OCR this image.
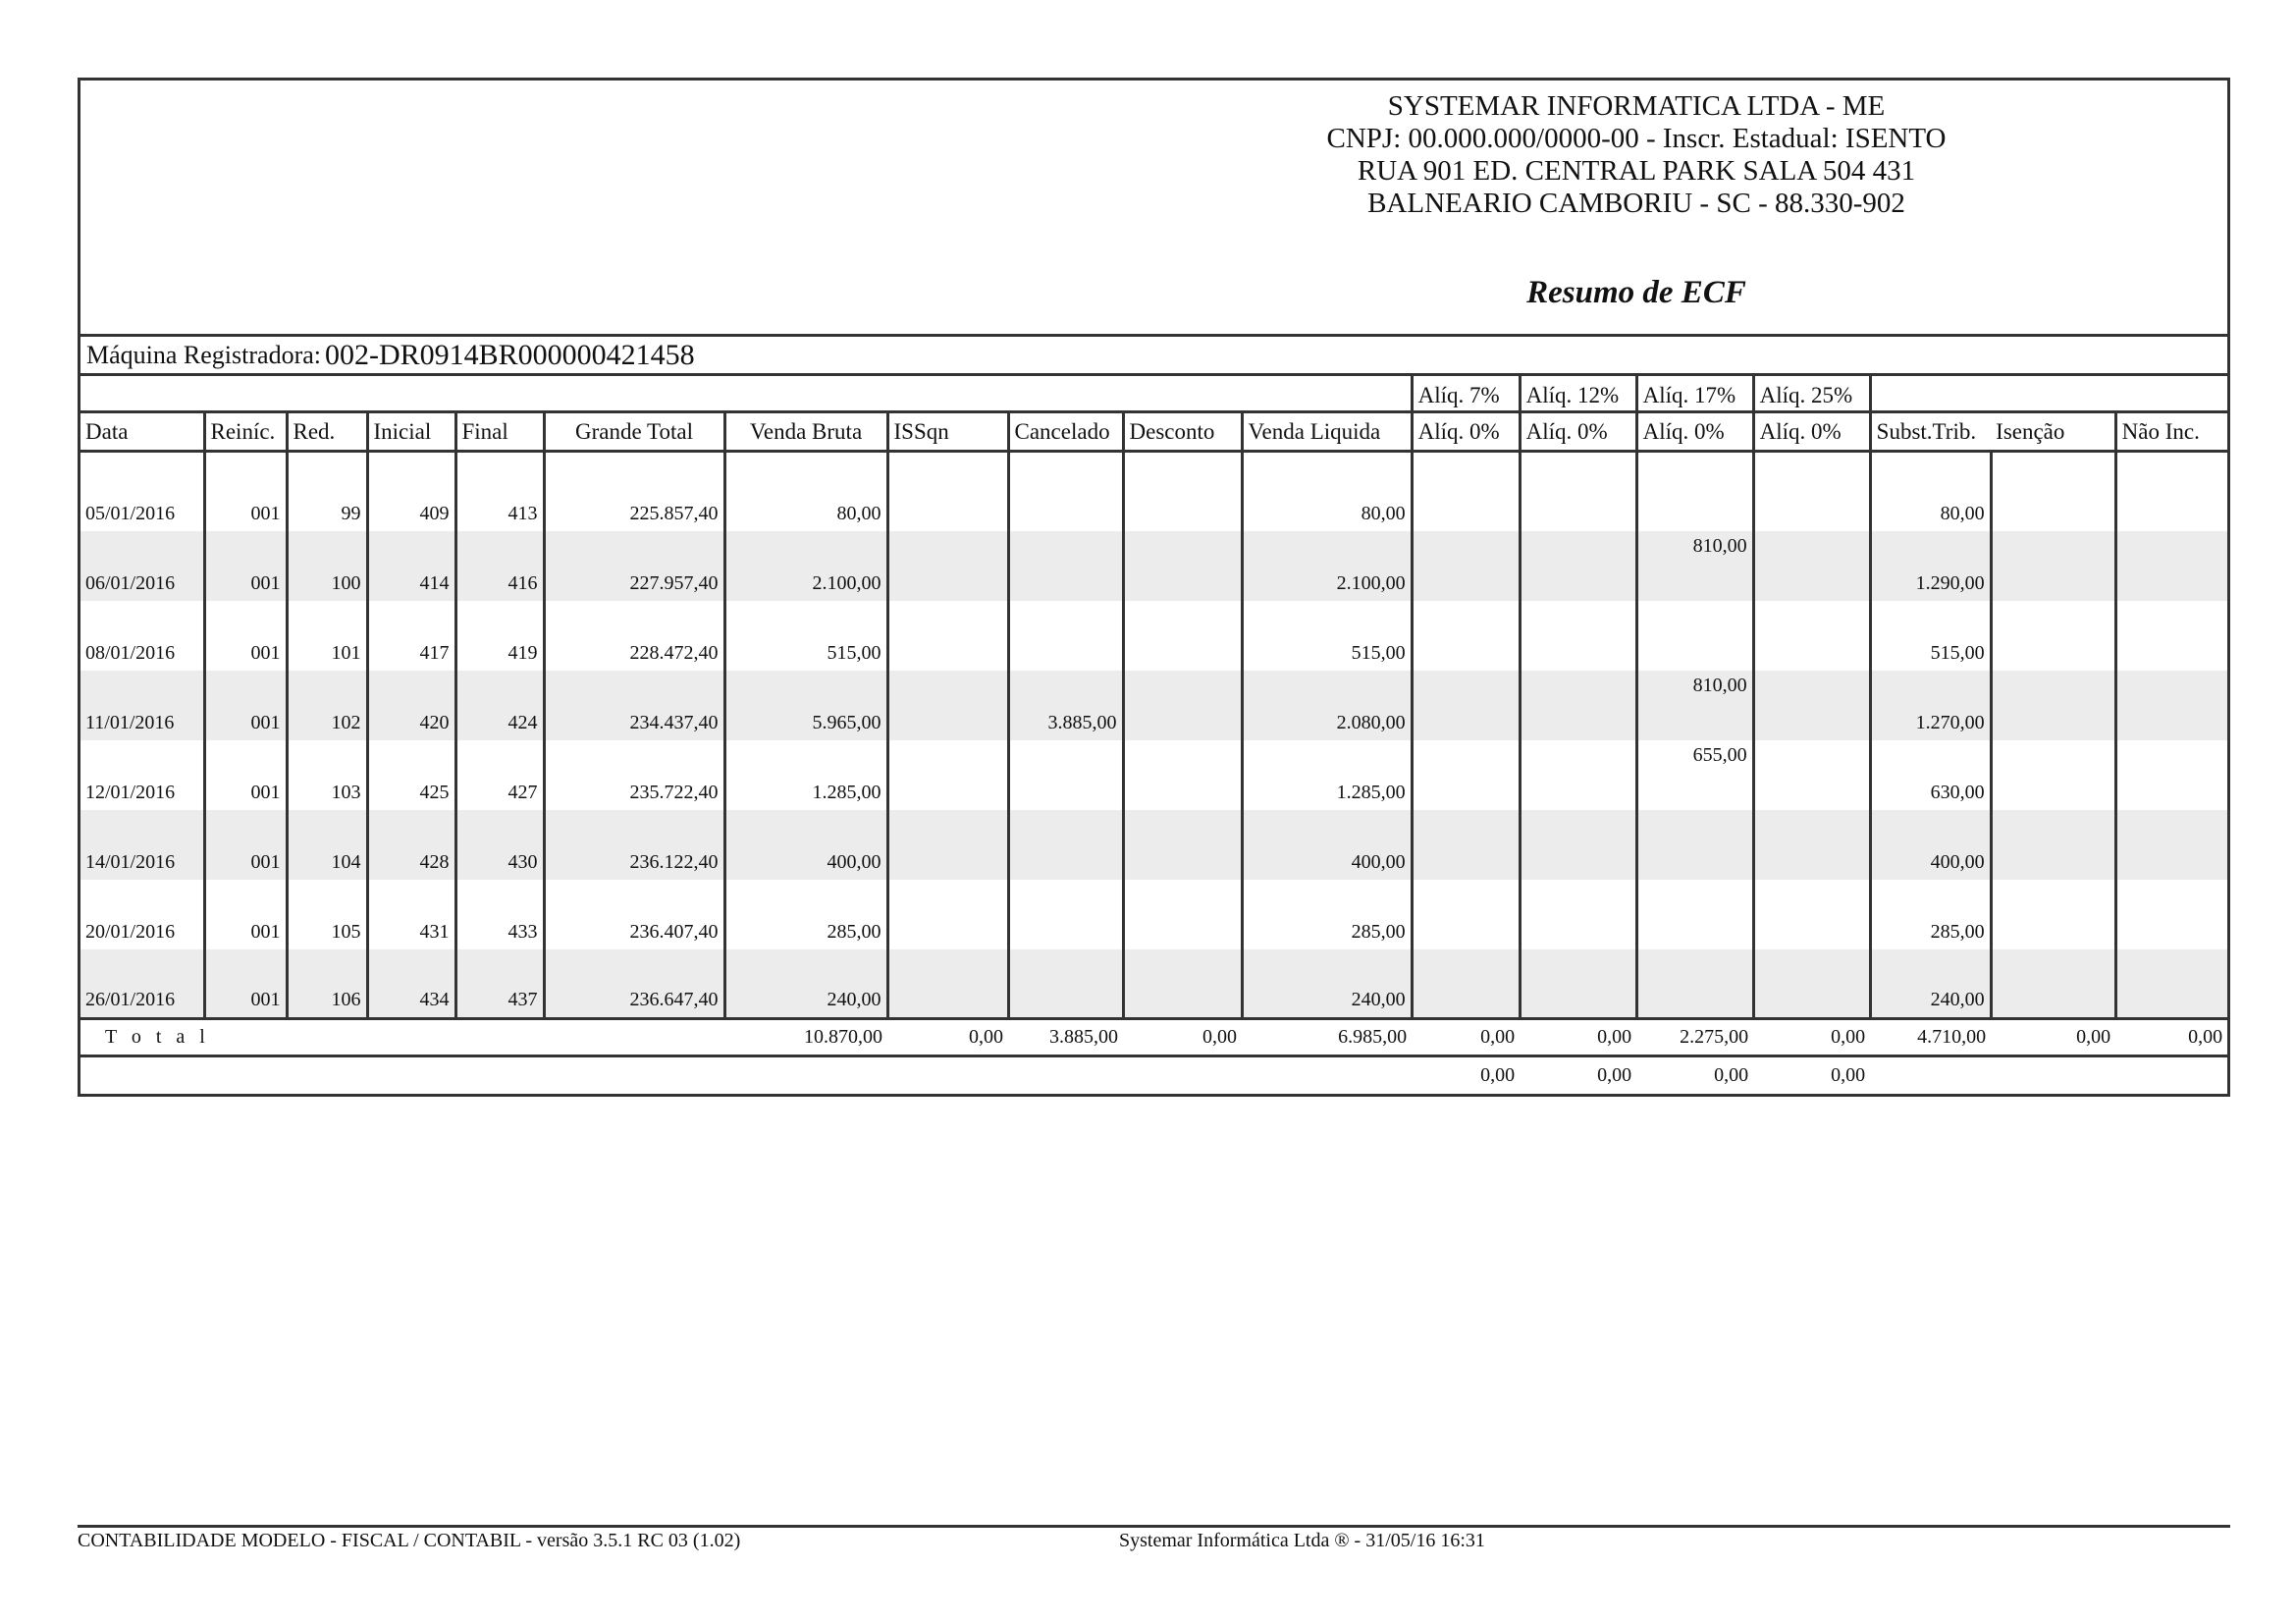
SYSTEMAR INFORMATICA LTDA - ME
CNPJ: 00.000.000/0000-00 - Inscr. Estadual: ISENTO
RUA 901 ED. CENTRAL PARK SALA 504 431
BALNEARIO CAMBORIU - SC - 88.330-902
Resumo de ECF
Máquina Registradora: 002-DR0914BR000000421458
											Alíq. 7%	Alíq. 12%	Alíq. 17%	Alíq. 25%			
Data	Reiníc.	Red.	Inicial	Final	Grande Total	Venda Bruta	ISSqn	Cancelado	Desconto	Venda Liquida	Alíq. 0%	Alíq. 0%	Alíq. 0%	Alíq. 0%	Subst.Trib.	Isenção	Não Inc.

05/01/2016	001	99	409	413	225.857,40	80,00				80,00					80,00		
06/01/2016	001	100	414	416	227.957,40	2.100,00				2.100,00			810,00		1.290,00		
08/01/2016	001	101	417	419	228.472,40	515,00				515,00					515,00		
11/01/2016	001	102	420	424	234.437,40	5.965,00		3.885,00		2.080,00			810,00		1.270,00		
12/01/2016	001	103	425	427	235.722,40	1.285,00				1.285,00			655,00		630,00		
14/01/2016	001	104	428	430	236.122,40	400,00				400,00					400,00		
20/01/2016	001	105	431	433	236.407,40	285,00				285,00					285,00		
26/01/2016	001	106	434	437	236.647,40	240,00				240,00					240,00		
T o t a l						10.870,00	0,00	3.885,00	0,00	6.985,00	0,00	0,00	2.275,00	0,00	4.710,00	0,00	0,00
											0,00	0,00	0,00	0,00			
CONTABILIDADE MODELO - FISCAL / CONTABIL - versão 3.5.1 RC 03 (1.02)	Systemar Informática Ltda ® - 31/05/16 16:31
